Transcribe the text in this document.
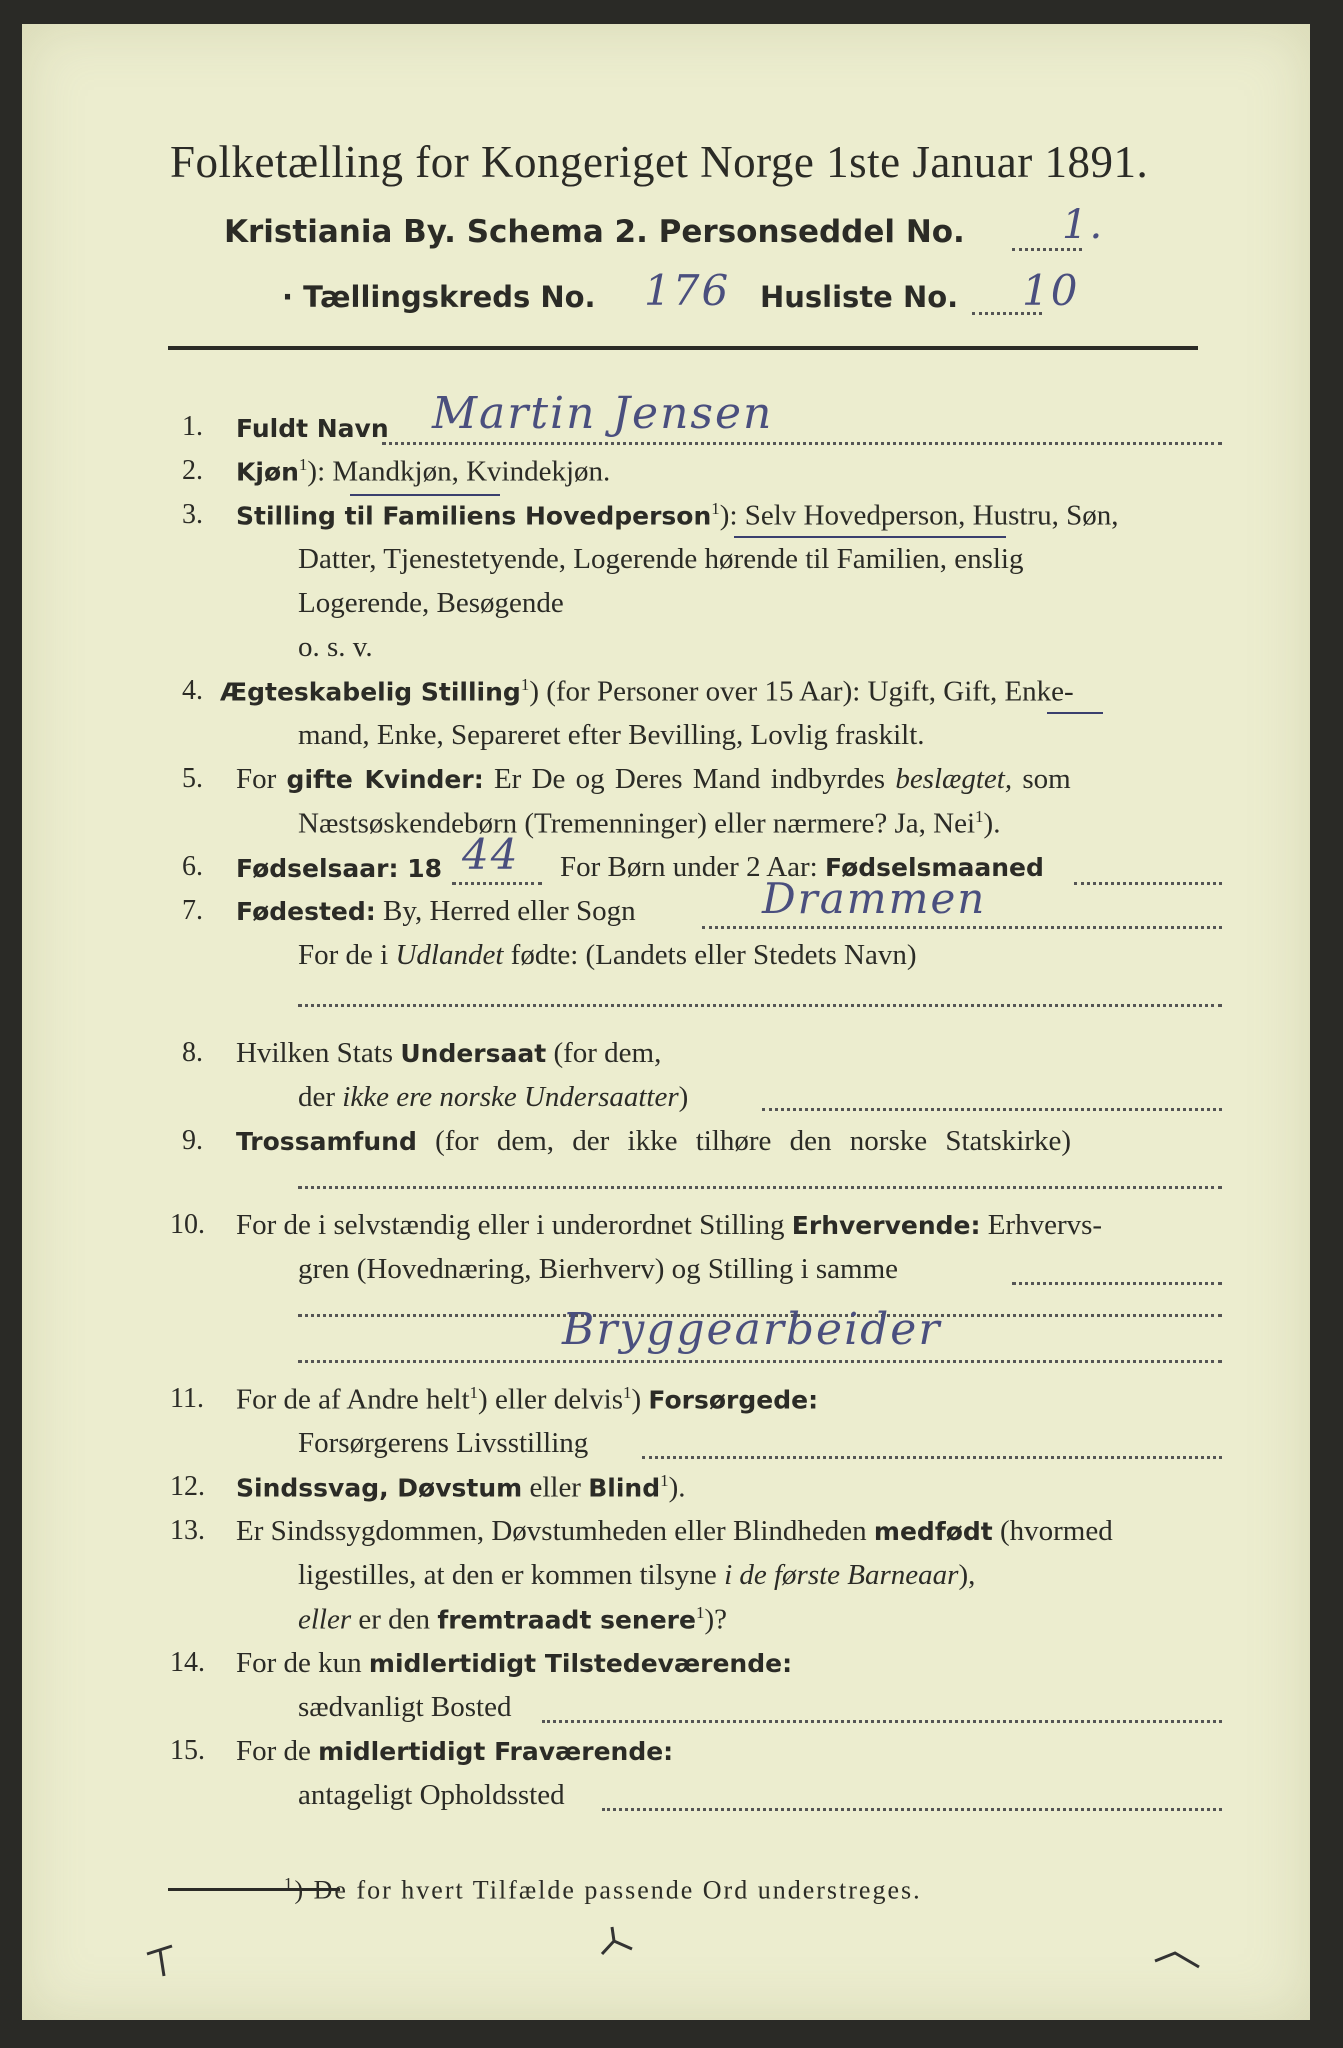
Folketælling for Kongeriget Norge 1ste Januar 1891.
Kristiania By. Schema 2. Personseddel No. 1.
· Tællingskreds No. 176 Husliste No. 10
1. Fuldt Navn Martin Jensen
2. Kjøn$^1$): Mandkjøn, Kvindekjøn.
3. Stilling til Familiens Hovedperson$^1$): Selv Hovedperson, Hustru, Søn,
Datter, Tjenestetyende, Logerende hørende til Familien, enslig
Logerende, Besøgende
o. s. v.
4. Ægteskabelig Stilling$^1$) (for Personer over 15 Aar): Ugift, Gift, Enke-
mand, Enke, Separeret efter Bevilling, Lovlig fraskilt.
5. For gifte Kvinder: Er De og Deres Mand indbyrdes beslægtet, som
Næstsøskendebørn (Tremenninger) eller nærmere? Ja, Nei$^1$).
6. Fødselsaar: 18 44 For Børn under 2 Aar: Fødselsmaaned
7. Fødested: By, Herred eller Sogn	Drammen
For de i Udlandet fødte: (Landets eller Stedets Navn)
8. Hvilken Stats Undersaat (for dem,
der ikke ere norske Undersaatter)
9. Trossamfund (for dem, der ikke tilhøre den norske Statskirke)
10. For de i selvstændig eller i underordnet Stilling Erhvervende: Erhvervs-
gren (Hovednæring, Bierhverv) og Stilling i samme
Bryggearbeider
11. For de af Andre helt$^1$) eller delvis$^1$) Forsørgede:
Forsørgerens Livsstilling
12. Sindssvag, Døvstum eller Blind$^1$).
13. Er Sindssygdommen, Døvstumheden eller Blindheden medfødt (hvormed
ligestilles, at den er kommen tilsyne i de første Barneaar),
eller er den fremtraadt senere$^1$)?
14. For de kun midlertidigt Tilstedeværende:
sædvanligt Bosted
15. For de midlertidigt Fraværende:
antageligt Opholdssted
$^1$) De for hvert Tilfælde passende Ord understreges.
